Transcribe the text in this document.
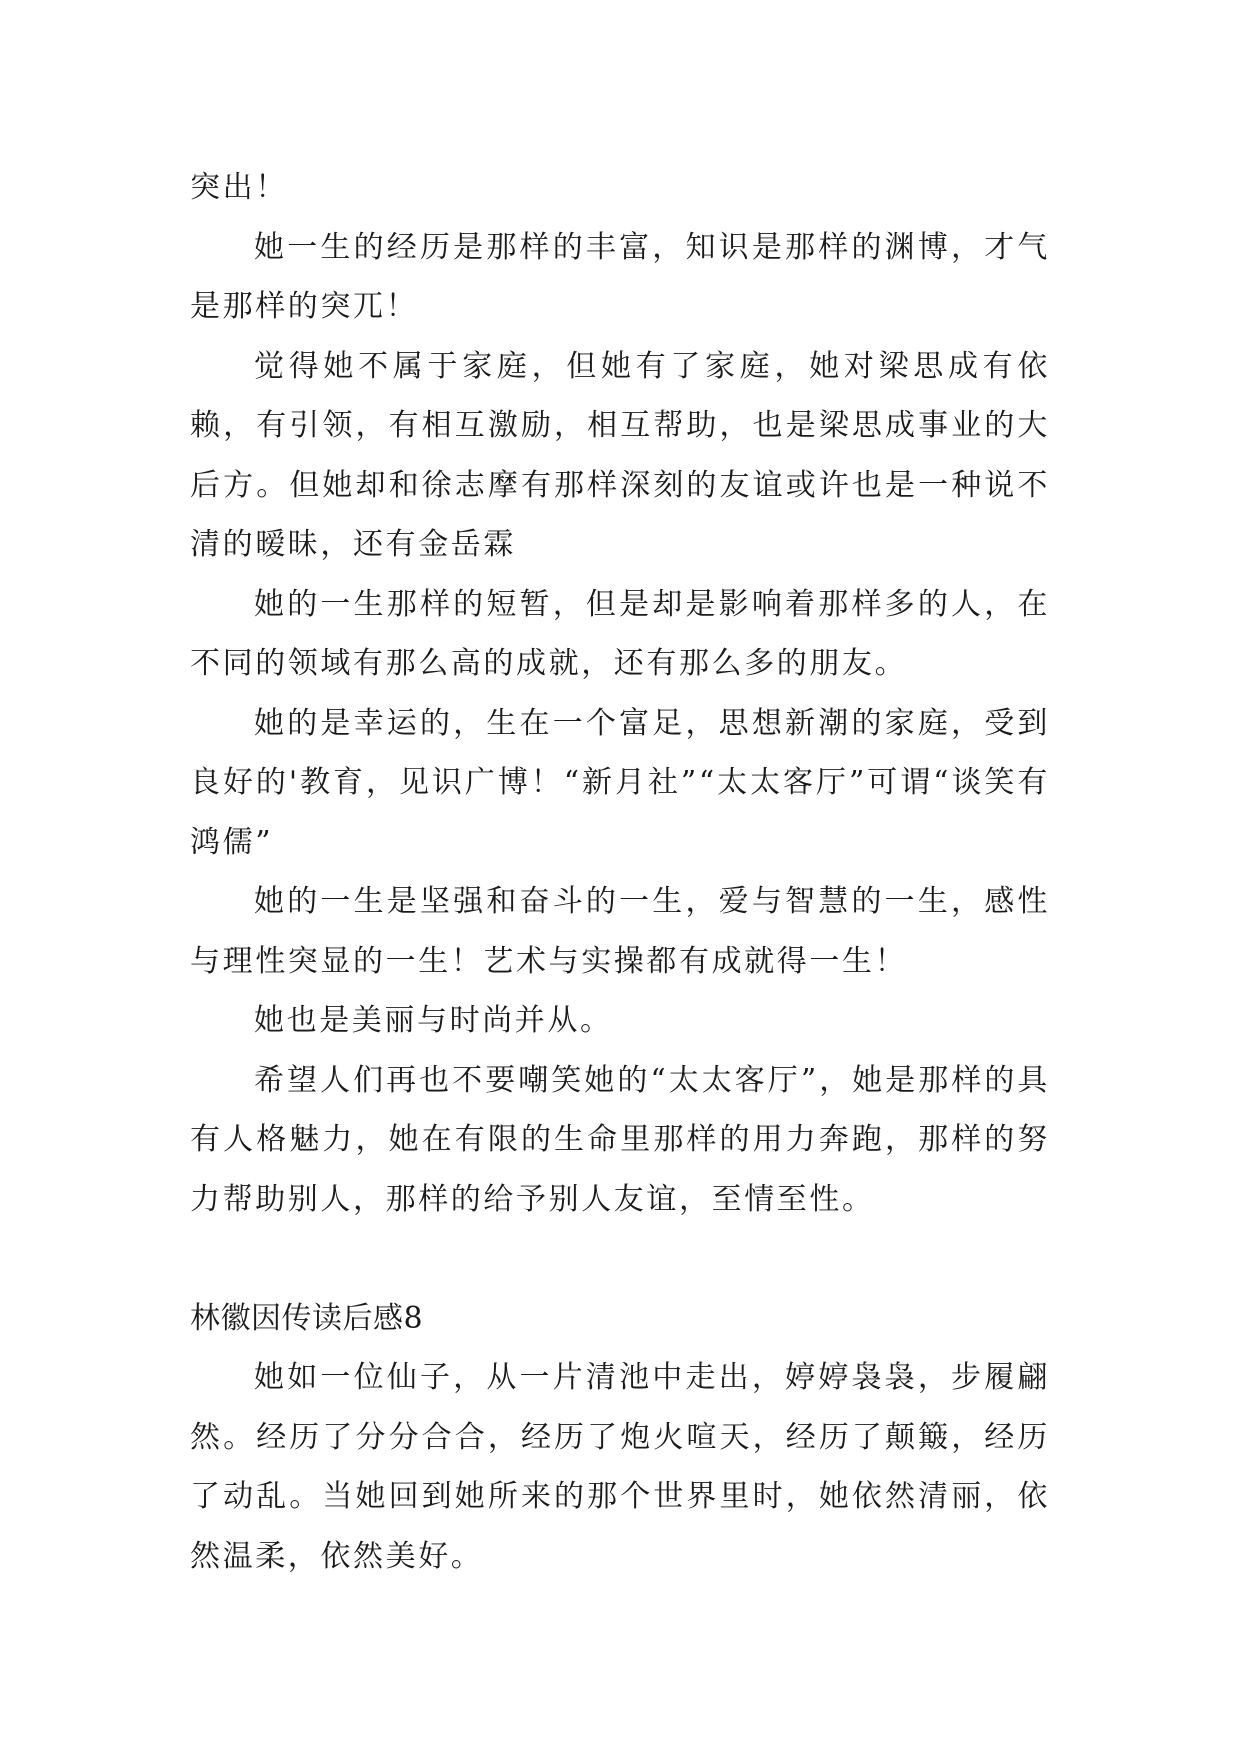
突出！

她一生的经历是那样的丰富，知识是那样的渊博，才气是那样的突兀！

觉得她不属于家庭，但她有了家庭，她对梁思成有依赖，有引领，有相互激励，相互帮助，也是梁思成事业的大后方。但她却和徐志摩有那样深刻的友谊或许也是一种说不清的暧昧，还有金岳霖

她的一生那样的短暂，但是却是影响着那样多的人，在不同的领域有那么高的成就，还有那么多的朋友。

她的是幸运的，生在一个富足，思想新潮的家庭，受到良好的'教育，见识广博！“新月社”“太太客厅”可谓“谈笑有鸿儒”

她的一生是坚强和奋斗的一生，爱与智慧的一生，感性与理性突显的一生！艺术与实操都有成就得一生！

她也是美丽与时尚并从。

希望人们再也不要嘲笑她的“太太客厅”，她是那样的具有人格魅力，她在有限的生命里那样的用力奔跑，那样的努力帮助别人，那样的给予别人友谊，至情至性。

林徽因传读后感8

她如一位仙子，从一片清池中走出，婷婷袅袅，步履翩然。经历了分分合合，经历了炮火喧天，经历了颠簸，经历了动乱。当她回到她所来的那个世界里时，她依然清丽，依然温柔，依然美好。
